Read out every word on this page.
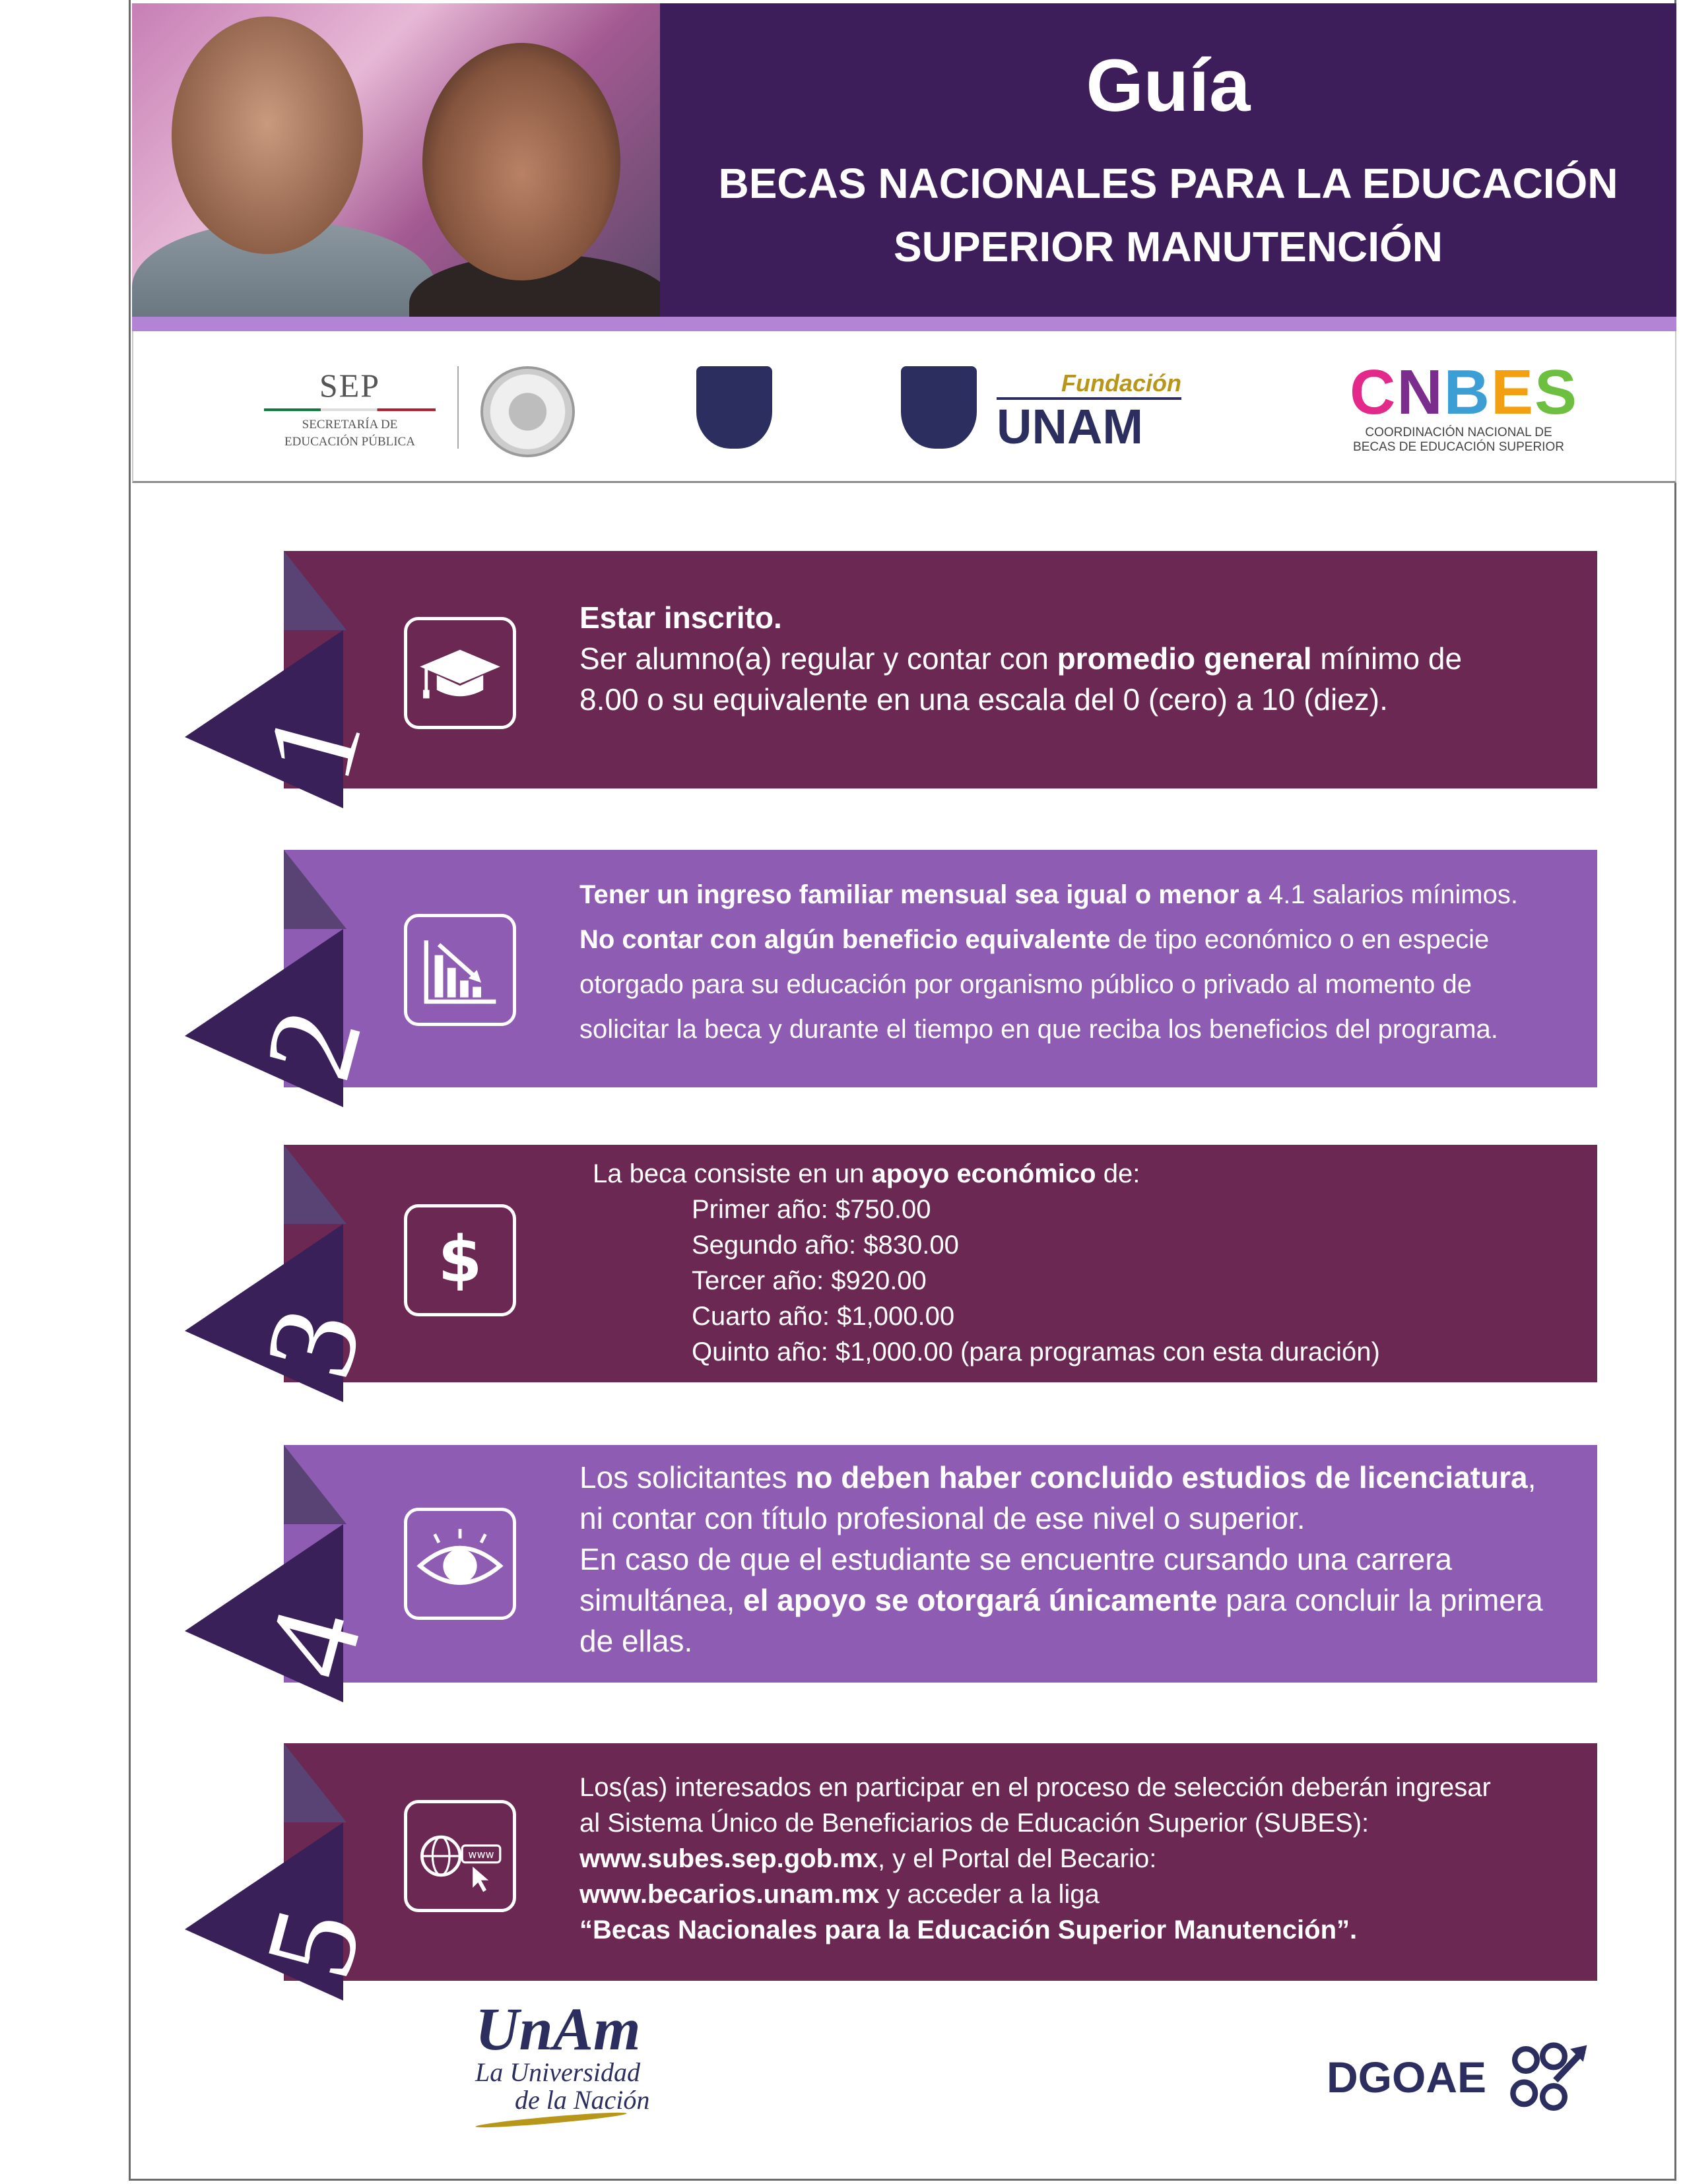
Guía
BECAS NACIONALES PARA LA EDUCACIÓN
SUPERIOR MANUTENCIÓN
SEP
SECRETARÍA DE
EDUCACIÓN PÚBLICA
Fundación
UNAM	CNBES
COORDINACIÓN NACIONAL DE
BECAS DE EDUCACIÓN SUPERIOR
1
Estar inscrito.
Ser alumno(a) regular y contar con promedio general mínimo de
8.00 o su equivalente en una escala del 0 (cero) a 10 (diez).
2
Tener un ingreso familiar mensual sea igual o menor a 4.1 salarios mínimos.
No contar con algún beneficio equivalente de tipo económico o en especie
otorgado para su educación por organismo público o privado al momento de
solicitar la beca y durante el tiempo en que reciba los beneficios del programa.
3
$
La beca consiste en un apoyo económico de:
Primer año: $750.00
Segundo año: $830.00
Tercer año: $920.00
Cuarto año: $1,000.00
Quinto año: $1,000.00 (para programas con esta duración)
4
Los solicitantes no deben haber concluido estudios de licenciatura,
ni contar con título profesional de ese nivel o superior.
En caso de que el estudiante se encuentre cursando una carrera
simultánea, el apoyo se otorgará únicamente para concluir la primera
de ellas.
5
www
Los(as) interesados en participar en el proceso de selección deberán ingresar
al Sistema Único de Beneficiarios de Educación Superior (SUBES):
www.subes.sep.gob.mx, y el Portal del Becario:
www.becarios.unam.mx y acceder a la liga
“Becas Nacionales para la Educación Superior Manutención”.
UnAm
La Universidad
de la Nación	DGOAE
